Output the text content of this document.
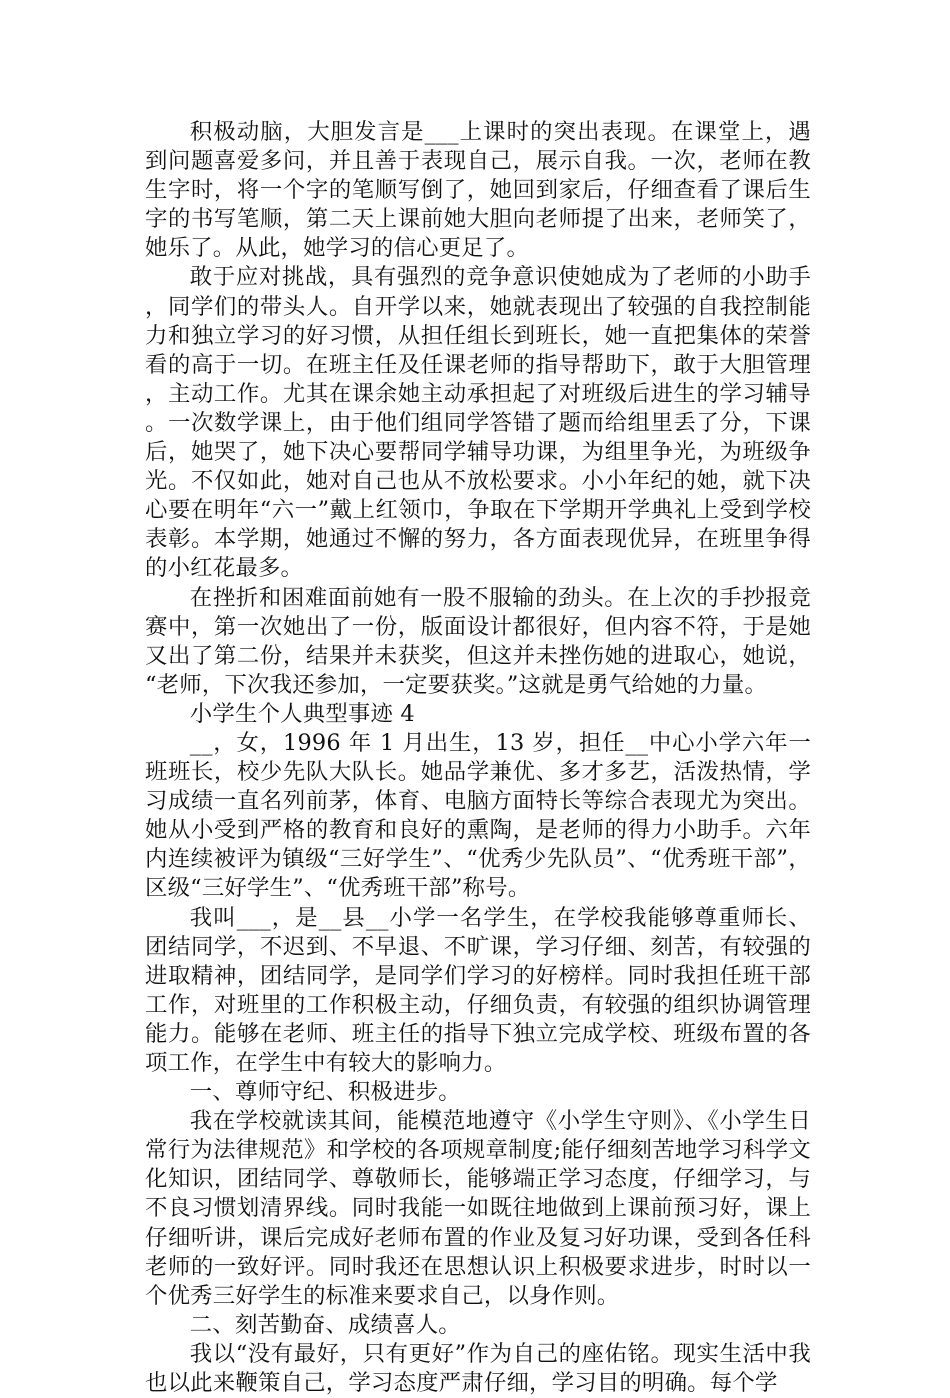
积极动脑，大胆发言是___上课时的突出表现。在课堂上，遇到问题喜爱多问，并且善于表现自己，展示自我。一次，老师在教生字时，将一个字的笔顺写倒了，她回到家后，仔细查看了课后生字的书写笔顺，第二天上课前她大胆向老师提了出来，老师笑了，她乐了。从此，她学习的信心更足了。

敢于应对挑战，具有强烈的竞争意识使她成为了老师的小助手，同学们的带头人。自开学以来，她就表现出了较强的自我控制能力和独立学习的好习惯，从担任组长到班长，她一直把集体的荣誉看的高于一切。在班主任及任课老师的指导帮助下，敢于大胆管理，主动工作。尤其在课余她主动承担起了对班级后进生的学习辅导。一次数学课上，由于他们组同学答错了题而给组里丢了分，下课后，她哭了，她下决心要帮同学辅导功课，为组里争光，为班级争光。不仅如此，她对自己也从不放松要求。小小年纪的她，就下决心要在明年“六一”戴上红领巾，争取在下学期开学典礼上受到学校表彰。本学期，她通过不懈的努力，各方面表现优异，在班里争得的小红花最多。

在挫折和困难面前她有一股不服输的劲头。在上次的手抄报竞赛中，第一次她出了一份，版面设计都很好，但内容不符，于是她又出了第二份，结果并未获奖，但这并未挫伤她的进取心，她说，“老师，下次我还参加，一定要获奖。”这就是勇气给她的力量。

小学生个人典型事迹 4

__，女，1996 年 1 月出生，13 岁，担任__中心小学六年一班班长，校少先队大队长。她品学兼优、多才多艺，活泼热情，学习成绩一直名列前茅，体育、电脑方面特长等综合表现尤为突出。她从小受到严格的教育和良好的熏陶，是老师的得力小助手。六年内连续被评为镇级“三好学生”、“优秀少先队员”、“优秀班干部”，区级“三好学生”、“优秀班干部”称号。

我叫___，是__县__小学一名学生，在学校我能够尊重师长、团结同学，不迟到、不早退、不旷课，学习仔细、刻苦，有较强的进取精神，团结同学，是同学们学习的好榜样。同时我担任班干部工作，对班里的工作积极主动，仔细负责，有较强的组织协调管理能力。能够在老师、班主任的指导下独立完成学校、班级布置的各项工作，在学生中有较大的影响力。

一、尊师守纪、积极进步。

我在学校就读其间，能模范地遵守《小学生守则》、《小学生日常行为法律规范》和学校的各项规章制度;能仔细刻苦地学习科学文化知识，团结同学、尊敬师长，能够端正学习态度，仔细学习，与不良习惯划清界线。同时我能一如既往地做到上课前预习好，课上仔细听讲，课后完成好老师布置的作业及复习好功课，受到各任科老师的一致好评。同时我还在思想认识上积极要求进步，时时以一个优秀三好学生的标准来要求自己，以身作则。

二、刻苦勤奋、成绩喜人。

我以“没有最好，只有更好”作为自己的座佑铭。现实生活中我也以此来鞭策自己，学习态度严肃仔细，学习目的明确。每个学
